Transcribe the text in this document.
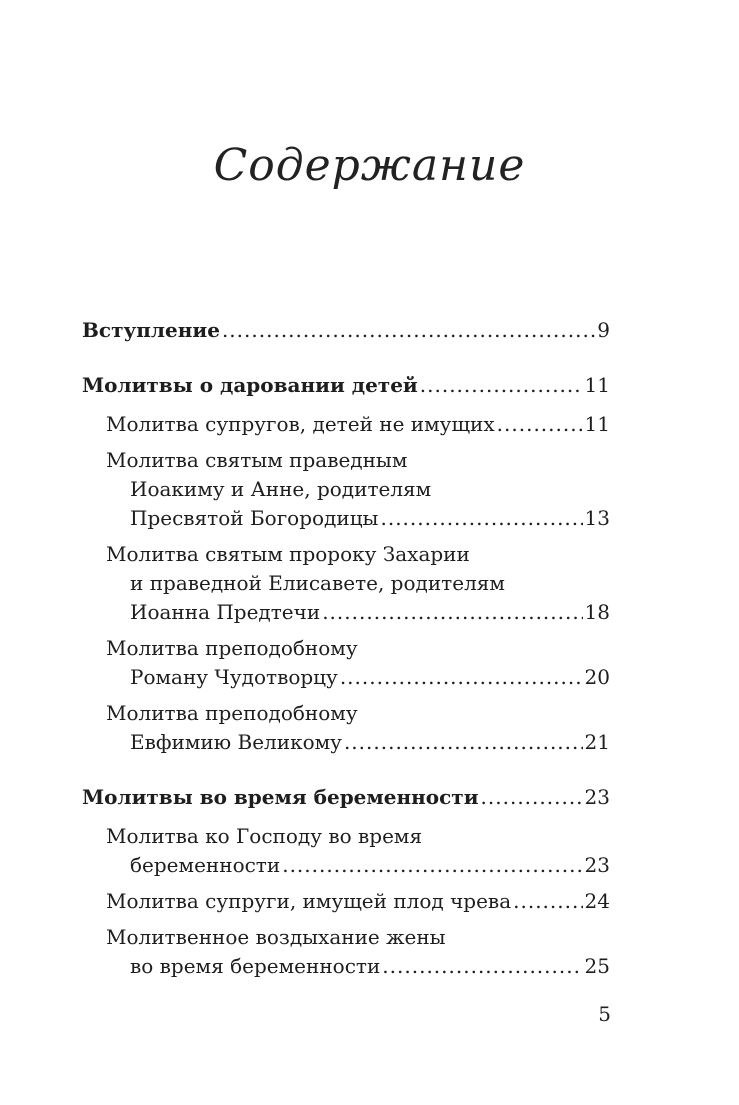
Содержание
Вступление .....	9
Молитвы о даровании детей .....	11
Молитва супругов, детей не имущих .....	11
Молитва святым праведным
Иоакиму и Анне, родителям
Пресвятой Богородицы .....	13
Молитва святым пророку Захарии
и праведной Елисавете, родителям
Иоанна Предтечи .....	18
Молитва преподобному
Роману Чудотворцу .....	20
Молитва преподобному
Евфимию Великому .....	21
Молитвы во время беременности .....	23
Молитва ко Господу во время
беременности .....	23
Молитва супруги, имущей плод чрева .....	24
Молитвенное воздыхание жены
во время беременности .....	25
5
